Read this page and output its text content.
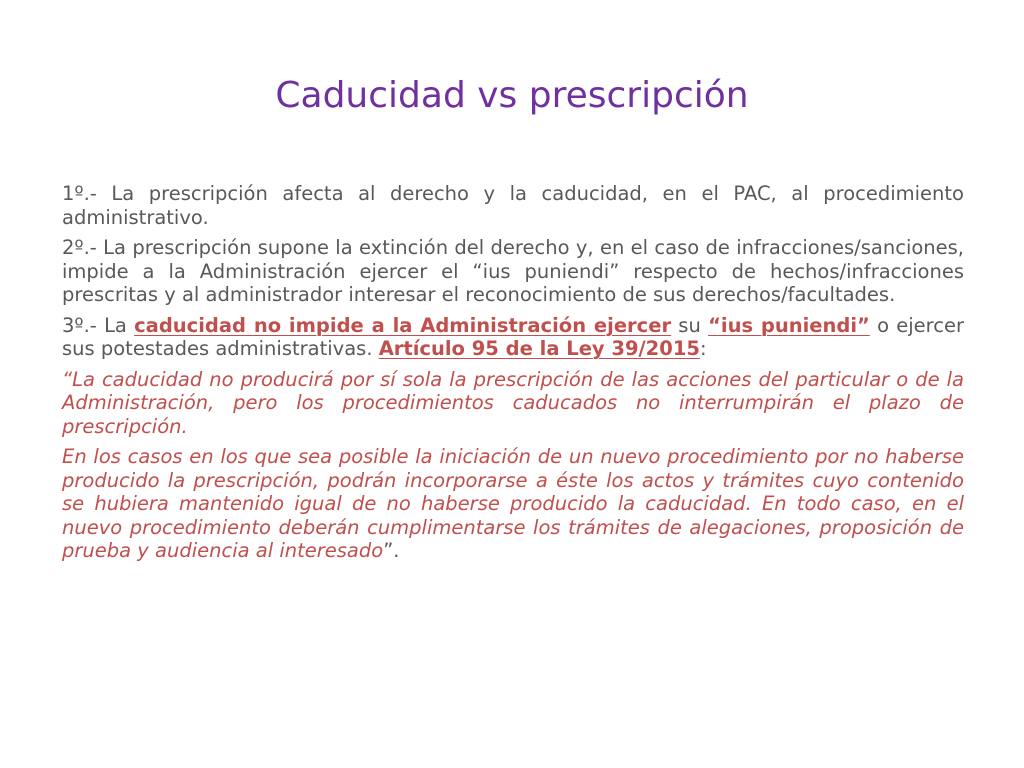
Caducidad vs prescripción

1º.- La prescripción afecta al derecho y la caducidad, en el PAC, al procedimiento administrativo.

2º.- La prescripción supone la extinción del derecho y, en el caso de infracciones/sanciones, impide a la Administración ejercer el “ius puniendi” respecto de hechos/infracciones prescritas y al administrador interesar el reconocimiento de sus derechos/facultades.

3º.- La caducidad no impide a la Administración ejercer su “ius puniendi” o ejercer sus potestades administrativas. Artículo 95 de la Ley 39/2015:

“La caducidad no producirá por sí sola la prescripción de las acciones del particular o de la Administración, pero los procedimientos caducados no interrumpirán el plazo de prescripción.

En los casos en los que sea posible la iniciación de un nuevo procedimiento por no haberse producido la prescripción, podrán incorporarse a éste los actos y trámites cuyo contenido se hubiera mantenido igual de no haberse producido la caducidad. En todo caso, en el nuevo procedimiento deberán cumplimentarse los trámites de alegaciones, proposición de prueba y audiencia al interesado”.
